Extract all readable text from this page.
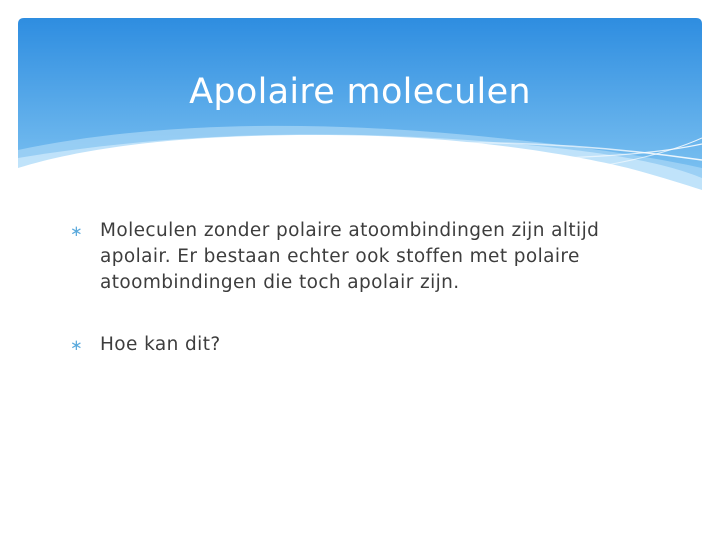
Apolaire moleculen
∗ Moleculen zonder polaire atoombindingen zijn altijd apolair. Er bestaan echter ook stoffen met polaire atoombindingen die toch apolair zijn.
∗ Hoe kan dit?
